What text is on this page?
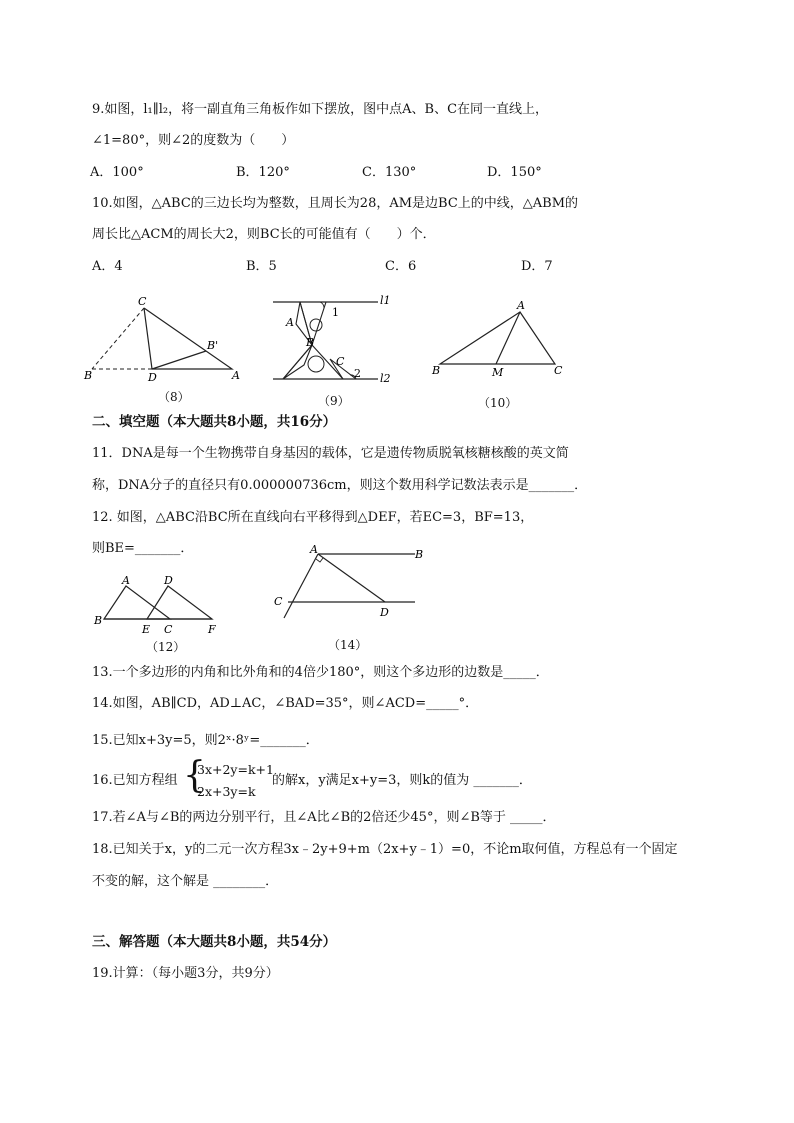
9.如图，l₁∥l₂，将一副直角三角板作如下摆放，图中点A、B、C在同一直线上，
∠1=80°，则∠2的度数为（　　）
A．100°	B．120°	C．130°	D．150°
10.如图，△ABC的三边长均为整数，且周长为28，AM是边BC上的中线，△ABM的
周长比△ACM的周长大2，则BC长的可能值有（　　）个．
A．4	B．5	C．6	D．7
C
B'
B	D	A
（8）
l1
1
A
B
C
2 l2
（9）
A
B	M	C
（10）
二、填空题（本大题共8小题，共16分）
11．DNA是每一个生物携带自身基因的载体，它是遗传物质脱氧核糖核酸的英文简
称，DNA分子的直径只有0.000000736cm，则这个数用科学记数法表示是_______．
12. 如图，△ABC沿BC所在直线向右平移得到△DEF，若EC=3，BF=13，
则BE=_______．
A	D
B
E C	F
（12）
A	B
C
D
（14）
13.一个多边形的内角和比外角和的4倍少180°，则这个多边形的边数是_____．
14.如图，AB∥CD，AD⊥AC，∠BAD=35°，则∠ACD=_____°．
15.已知x+3y=5，则2ˣ·8ʸ=_______．
16.已知方程组 {
3x+2y=k+1
2x+3y=k
的解x，y满足x+y=3，则k的值为 _______．
17.若∠A与∠B的两边分别平行，且∠A比∠B的2倍还少45°，则∠B等于 _____．
18.已知关于x，y的二元一次方程3x﹣2y+9+m（2x+y﹣1）=0，不论m取何值，方程总有一个固定
不变的解，这个解是 ________．
三、解答题（本大题共8小题，共54分）
19.计算：（每小题3分，共9分）
